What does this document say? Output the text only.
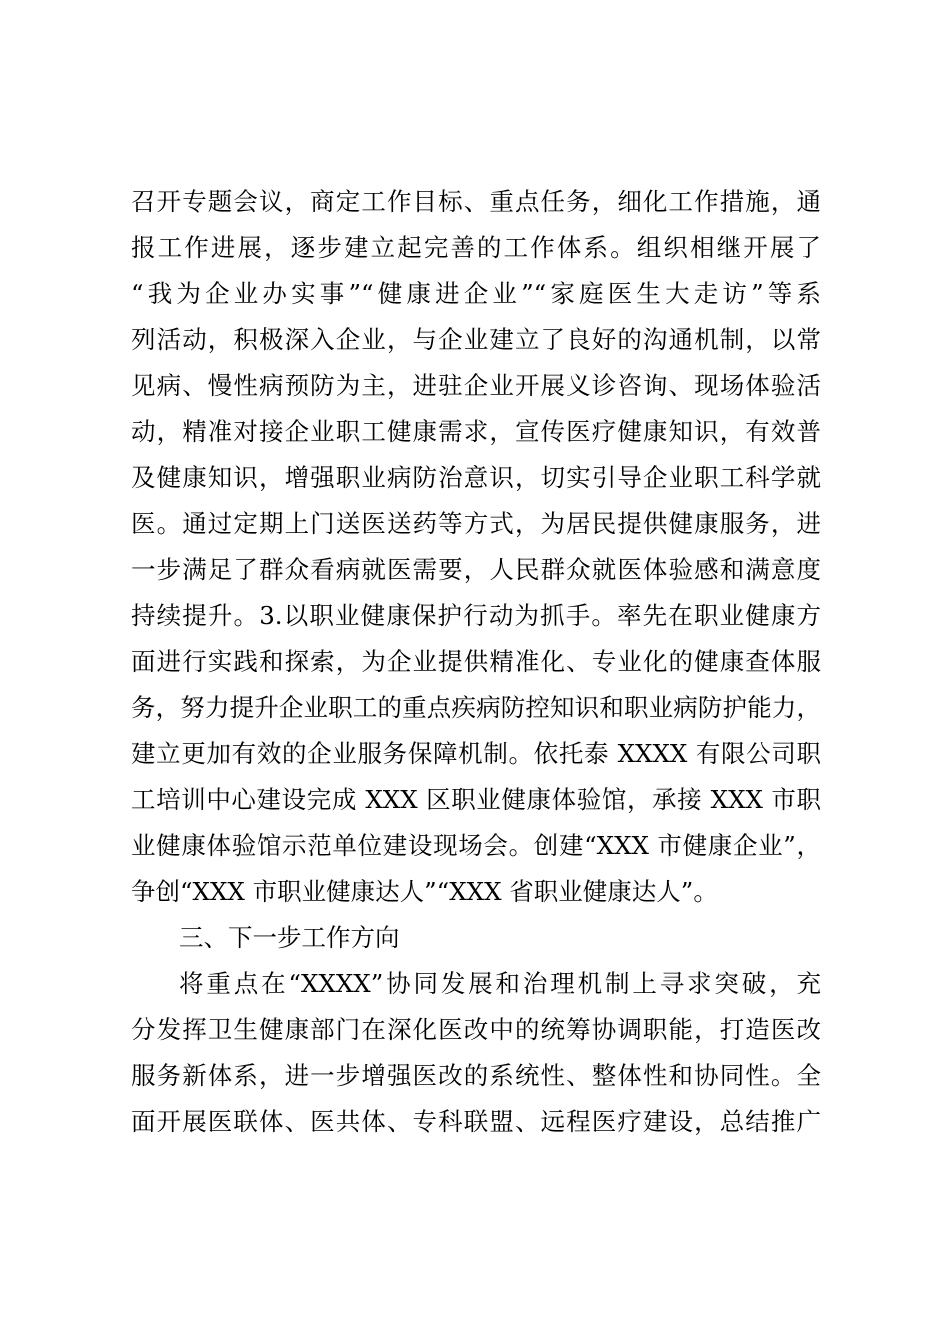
召开专题会议，商定工作目标、重点任务，细化工作措施，通
报工作进展，逐步建立起完善的工作体系。组织相继开展了
“我为企业办实事”“健康进企业”“家庭医生大走访”等系
列活动，积极深入企业，与企业建立了良好的沟通机制，以常
见病、慢性病预防为主，进驻企业开展义诊咨询、现场体验活
动，精准对接企业职工健康需求，宣传医疗健康知识，有效普
及健康知识，增强职业病防治意识，切实引导企业职工科学就
医。通过定期上门送医送药等方式，为居民提供健康服务，进
一步满足了群众看病就医需要，人民群众就医体验感和满意度
持续提升。3.以职业健康保护行动为抓手。率先在职业健康方
面进行实践和探索，为企业提供精准化、专业化的健康查体服
务，努力提升企业职工的重点疾病防控知识和职业病防护能力，
建立更加有效的企业服务保障机制。依托泰 XXXX 有限公司职
工培训中心建设完成 XXX 区职业健康体验馆，承接 XXX 市职
业健康体验馆示范单位建设现场会。创建“XXX 市健康企业”，
争创“XXX 市职业健康达人”“XXX 省职业健康达人”。
三、下一步工作方向
将重点在“XXXX”协同发展和治理机制上寻求突破，充
分发挥卫生健康部门在深化医改中的统筹协调职能，打造医改
服务新体系，进一步增强医改的系统性、整体性和协同性。全
面开展医联体、医共体、专科联盟、远程医疗建设，总结推广
